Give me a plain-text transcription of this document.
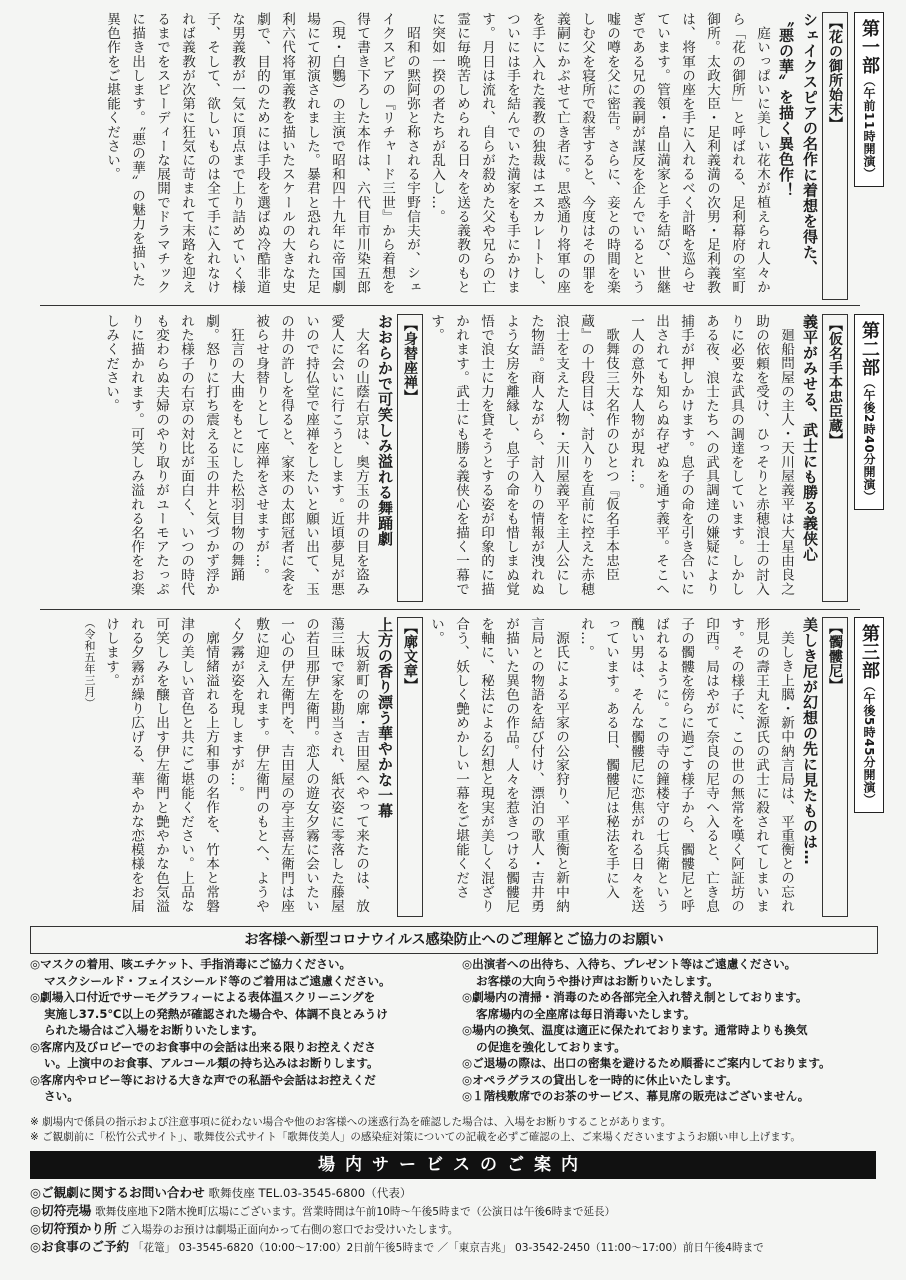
第一部（午前11時開演）

【花の御所始末】

シェイクスピアの名作に着想を得た、

〝悪の華〟を描く異色作！

庭いっぱいに美しい花木が植えられ人々から「花の御所」と呼ばれる、足利幕府の室町御所。太政大臣・足利義満の次男・足利義教は、将軍の座を手に入れるべく計略を巡らせています。管領・畠山満家と手を結び、世継ぎである兄の義嗣が謀反を企んでいるという嘘の噂を父に密告。さらに、妾との時間を楽しむ父を寝所で殺害すると、今度はその罪を義嗣にかぶせて亡き者に。思惑通り将軍の座を手に入れた義教の独裁はエスカレートし、ついには手を結んでいた満家をも手にかけます。月日は流れ、自らが殺めた父や兄らの亡霊に毎晩苦しめられる日々を送る義教のもとに突如一揆の者たちが乱入し…。

昭和の黙阿弥と称される宇野信夫が、シェイクスピアの『リチャード三世』から着想を得て書き下ろした本作は、六代目市川染五郎（現・白鸚）の主演で昭和四十九年に帝国劇場にて初演されました。暴君と恐れられた足利六代将軍義教を描いたスケールの大きな史劇で、目的のためには手段を選ばぬ冷酷非道な男義教が一気に頂点まで上り詰めていく様子、そして、欲しいものは全て手に入れなければ義教が次第に狂気に苛まれて末路を迎えるまでをスピーディーな展開でドラマチックに描き出します。〝悪の華〟の魅力を描いた異色作をご堪能ください。

第二部（午後2時40分開演）

【仮名手本忠臣蔵】

義平がみせる、武士にも勝る義侠心

廻船問屋の主人・天川屋義平は大星由良之助の依頼を受け、ひっそりと赤穂浪士の討入りに必要な武具の調達をしています。しかしある夜、浪士たちへの武具調達の嫌疑により捕手が押しかけます。息子の命を引き合いに出されても知らぬ存ぜぬを通す義平。そこへ一人の意外な人物が現れ…。

歌舞伎三大名作のひとつ『仮名手本忠臣蔵』の十段目は、討入りを直前に控えた赤穂浪士を支えた人物・天川屋義平を主人公にした物語。商人ながら、討入りの情報が洩れぬよう女房を離縁し、息子の命をも惜しまぬ覚悟で浪士に力を貸そうとする姿が印象的に描かれます。武士にも勝る義侠心を描く一幕です。

【身替座禅】

おおらかで可笑しみ溢れる舞踊劇

大名の山蔭右京は、奥方玉の井の目を盗み愛人に会いに行こうとします。近頃夢見が悪いので持仏堂で座禅をしたいと願い出て、玉の井の許しを得ると、家来の太郎冠者に衾を被らせ身替りとして座禅をさせますが…。

狂言の大曲をもとにした松羽目物の舞踊劇。怒りに打ち震える玉の井と気づかず浮かれた様子の右京の対比が面白く、いつの時代も変わらぬ夫婦のやり取りがユーモアたっぷりに描かれます。可笑しみ溢れる名作をお楽しみください。

第三部（午後5時45分開演）

【髑髏尼】

美しき尼が幻想の先に見たものは…

美しき上臈・新中納言局は、平重衡との忘れ形見の壽王丸を源氏の武士に殺されてしまいます。その様子に、この世の無常を嘆く阿証坊の印西。局はやがて奈良の尼寺へ入ると、亡き息子の髑髏を傍らに過ごす様子から、髑髏尼と呼ばれるように。この寺の鐘楼守の七兵衛という醜い男は、そんな髑髏尼に恋焦がれる日々を送っています。ある日、髑髏尼は秘法を手に入れ…。

源氏による平家の公家狩り、平重衡と新中納言局との物語を結び付け、漂泊の歌人・吉井勇が描いた異色の作品。人々を惹きつける髑髏尼を軸に、秘法による幻想と現実が美しく混ざり合う、妖しく艶めかしい一幕をご堪能ください。

【廓文章】

上方の香り漂う華やかな一幕

大坂新町の廓・吉田屋へやって来たのは、放蕩三昧で家を勘当され、紙衣姿に零落した藤屋の若旦那伊左衛門。恋人の遊女夕霧に会いたい一心の伊左衛門を、吉田屋の亭主喜左衛門は座敷に迎え入れます。伊左衛門のもとへ、ようやく夕霧が姿を現しますが…。

廓情緒溢れる上方和事の名作を、竹本と常磐津の美しい音色と共にご堪能ください。上品な可笑しみを醸し出す伊左衛門と艶やかな色気溢れる夕霧が繰り広げる、華やかな恋模様をお届けします。

（令和五年三月）

お客様へ新型コロナウイルス感染防止へのご理解とご協力のお願い
◎マスクの着用、咳エチケット、手指消毒にご協力ください。
マスクシールド・フェイスシールド等のご着用はご遠慮ください。
◎劇場入口付近でサーモグラフィーによる表体温スクリーニングを
実施し37.5℃以上の発熱が確認された場合や、体調不良とみうけ
られた場合はご入場をお断りいたします。
◎客席内及びロビーでのお食事中の会話は出来る限りお控えくださ
い。上演中のお食事、アルコール類の持ち込みはお断りします。
◎客席内やロビー等における大きな声での私語や会話はお控えくだ
さい。
◎出演者への出待ち、入待ち、プレゼント等はご遠慮ください。
お客様の大向うや掛け声はお断りいたします。
◎劇場内の清掃・消毒のため各部完全入れ替え制としております。
客席場内の全座席は毎日消毒いたします。
◎場内の換気、温度は適正に保たれております。通常時よりも換気
の促進を強化しております。
◎ご退場の際は、出口の密集を避けるため順番にご案内しております。
◎オペラグラスの貸出しを一時的に休止いたします。
◎１階桟敷席でのお茶のサービス、幕見席の販売はございません。
※ 劇場内で係員の指示および注意事項に従わない場合や他のお客様への迷惑行為を確認した場合は、入場をお断りすることがあります。
※ ご観劇前に「松竹公式サイト」、歌舞伎公式サイト「歌舞伎美人」の感染症対策についての記載を必ずご確認の上、ご来場くださいますようお願い申し上げます。
場内サービスのご案内
◎ご観劇に関するお問い合わせ 歌舞伎座 TEL.03-3545-6800（代表）
◎切符売場 歌舞伎座地下2階木挽町広場にございます。営業時間は午前10時～午後5時まで（公演日は午後6時まで延長）
◎切符預かり所 ご入場券のお預けは劇場正面向かって右側の窓口でお受けいたします。
◎お食事のご予約 「花篭」 03-3545-6820（10:00～17:00）2日前午後5時まで ／「東京吉兆」 03-3542-2450（11:00～17:00）前日午後4時まで
